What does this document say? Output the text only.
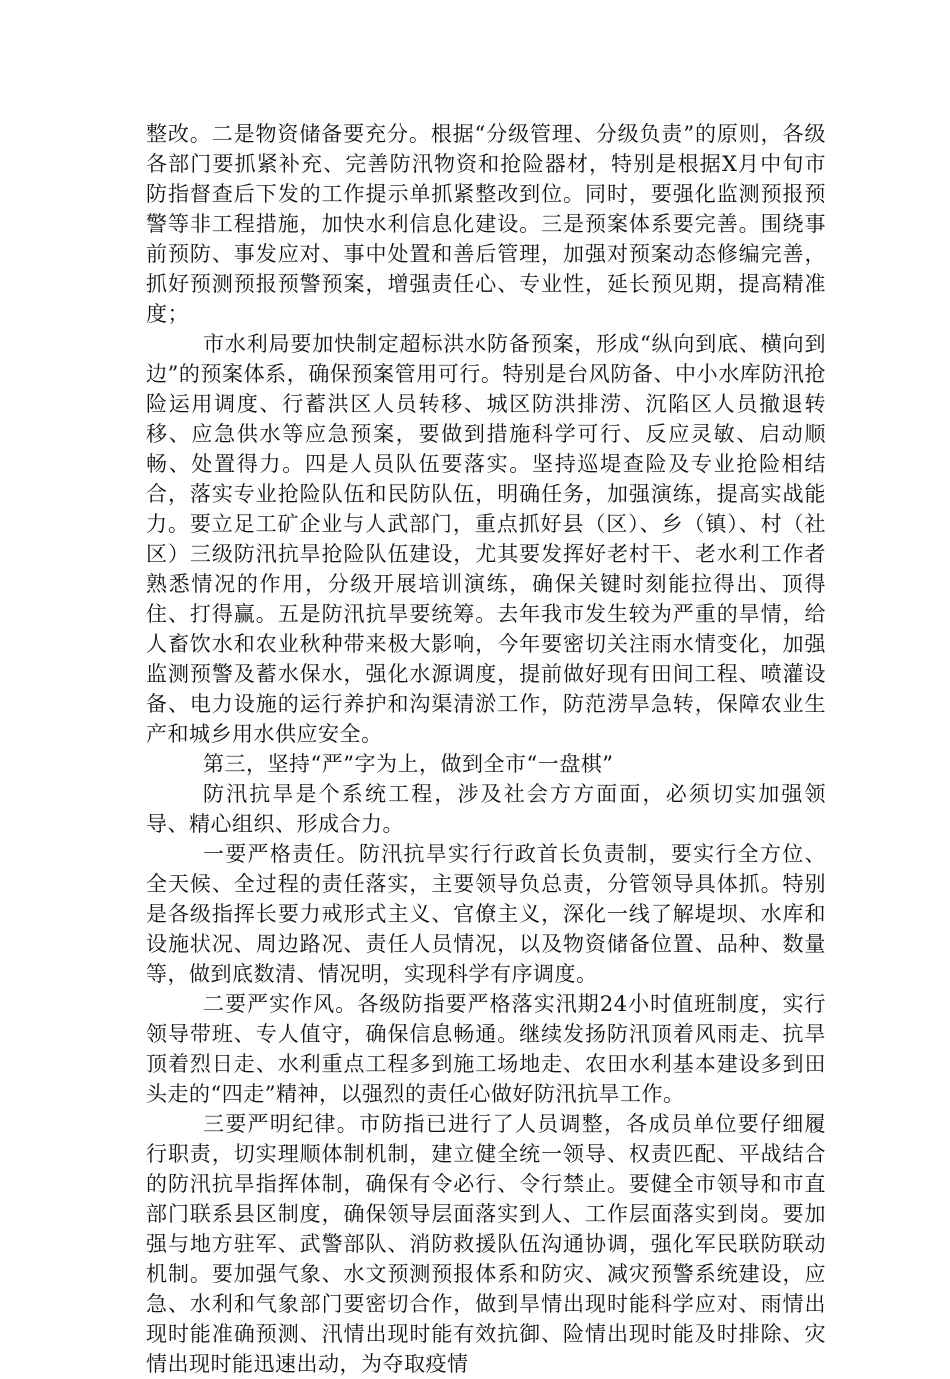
整改。二是物资储备要充分。根据“分级管理、分级负责”的原则，各级各部门要抓紧补充、完善防汛物资和抢险器材，特别是根据X月中旬市防指督查后下发的工作提示单抓紧整改到位。同时，要强化监测预报预警等非工程措施，加快水利信息化建设。三是预案体系要完善。围绕事前预防、事发应对、事中处置和善后管理，加强对预案动态修编完善，抓好预测预报预警预案，增强责任心、专业性，延长预见期，提高精准度；

市水利局要加快制定超标洪水防备预案，形成“纵向到底、横向到边”的预案体系，确保预案管用可行。特别是台风防备、中小水库防汛抢险运用调度、行蓄洪区人员转移、城区防洪排涝、沉陷区人员撤退转移、应急供水等应急预案，要做到措施科学可行、反应灵敏、启动顺畅、处置得力。四是人员队伍要落实。坚持巡堤查险及专业抢险相结合，落实专业抢险队伍和民防队伍，明确任务，加强演练，提高实战能力。要立足工矿企业与人武部门，重点抓好县（区）、乡（镇）、村（社区）三级防汛抗旱抢险队伍建设，尤其要发挥好老村干、老水利工作者熟悉情况的作用，分级开展培训演练，确保关键时刻能拉得出、顶得住、打得赢。五是防汛抗旱要统筹。去年我市发生较为严重的旱情，给人畜饮水和农业秋种带来极大影响，今年要密切关注雨水情变化，加强监测预警及蓄水保水，强化水源调度，提前做好现有田间工程、喷灌设备、电力设施的运行养护和沟渠清淤工作，防范涝旱急转，保障农业生产和城乡用水供应安全。

第三，坚持“严”字为上，做到全市“一盘棋”

防汛抗旱是个系统工程，涉及社会方方面面，必须切实加强领导、精心组织、形成合力。

一要严格责任。防汛抗旱实行行政首长负责制，要实行全方位、全天候、全过程的责任落实，主要领导负总责，分管领导具体抓。特别是各级指挥长要力戒形式主义、官僚主义，深化一线了解堤坝、水库和设施状况、周边路况、责任人员情况，以及物资储备位置、品种、数量等，做到底数清、情况明，实现科学有序调度。

二要严实作风。各级防指要严格落实汛期24小时值班制度，实行领导带班、专人值守，确保信息畅通。继续发扬防汛顶着风雨走、抗旱顶着烈日走、水利重点工程多到施工场地走、农田水利基本建设多到田头走的“四走”精神，以强烈的责任心做好防汛抗旱工作。

三要严明纪律。市防指已进行了人员调整，各成员单位要仔细履行职责，切实理顺体制机制，建立健全统一领导、权责匹配、平战结合的防汛抗旱指挥体制，确保有令必行、令行禁止。要健全市领导和市直部门联系县区制度，确保领导层面落实到人、工作层面落实到岗。要加强与地方驻军、武警部队、消防救援队伍沟通协调，强化军民联防联动机制。要加强气象、水文预测预报体系和防灾、减灾预警系统建设，应急、水利和气象部门要密切合作，做到旱情出现时能科学应对、雨情出现时能准确预测、汛情出现时能有效抗御、险情出现时能及时排除、灾情出现时能迅速出动，为夺取疫情
